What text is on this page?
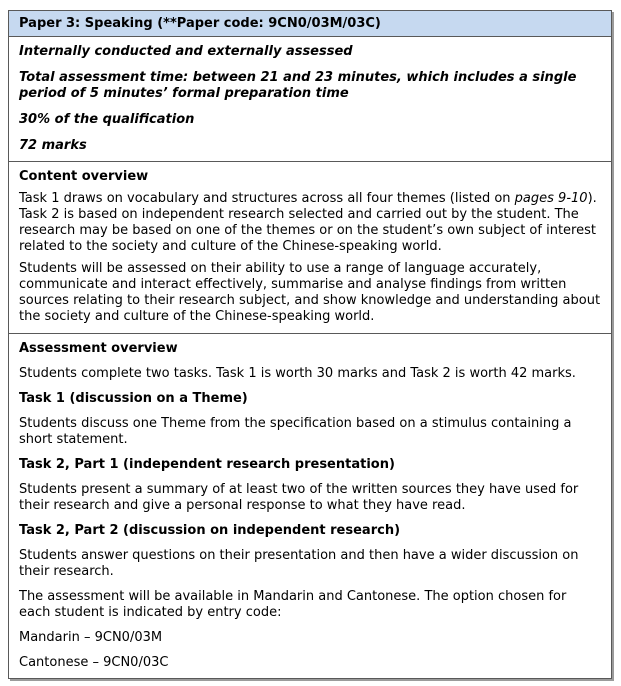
Paper 3: Speaking (**Paper code: 9CN0/03M/03C)

Internally conducted and externally assessed

Total assessment time: between 21 and 23 minutes, which includes a single period of 5 minutes’ formal preparation time

30% of the qualification

72 marks

Content overview

Task 1 draws on vocabulary and structures across all four themes (listed on pages 9-10). Task 2 is based on independent research selected and carried out by the student. The research may be based on one of the themes or on the student’s own subject of interest related to the society and culture of the Chinese-speaking world.

Students will be assessed on their ability to use a range of language accurately, communicate and interact effectively, summarise and analyse findings from written sources relating to their research subject, and show knowledge and understanding about the society and culture of the Chinese-speaking world.

Assessment overview

Students complete two tasks. Task 1 is worth 30 marks and Task 2 is worth 42 marks.

Task 1 (discussion on a Theme)

Students discuss one Theme from the specification based on a stimulus containing a short statement.

Task 2, Part 1 (independent research presentation)

Students present a summary of at least two of the written sources they have used for their research and give a personal response to what they have read.

Task 2, Part 2 (discussion on independent research)

Students answer questions on their presentation and then have a wider discussion on their research.

The assessment will be available in Mandarin and Cantonese. The option chosen for each student is indicated by entry code:

Mandarin – 9CN0/03M

Cantonese – 9CN0/03C
